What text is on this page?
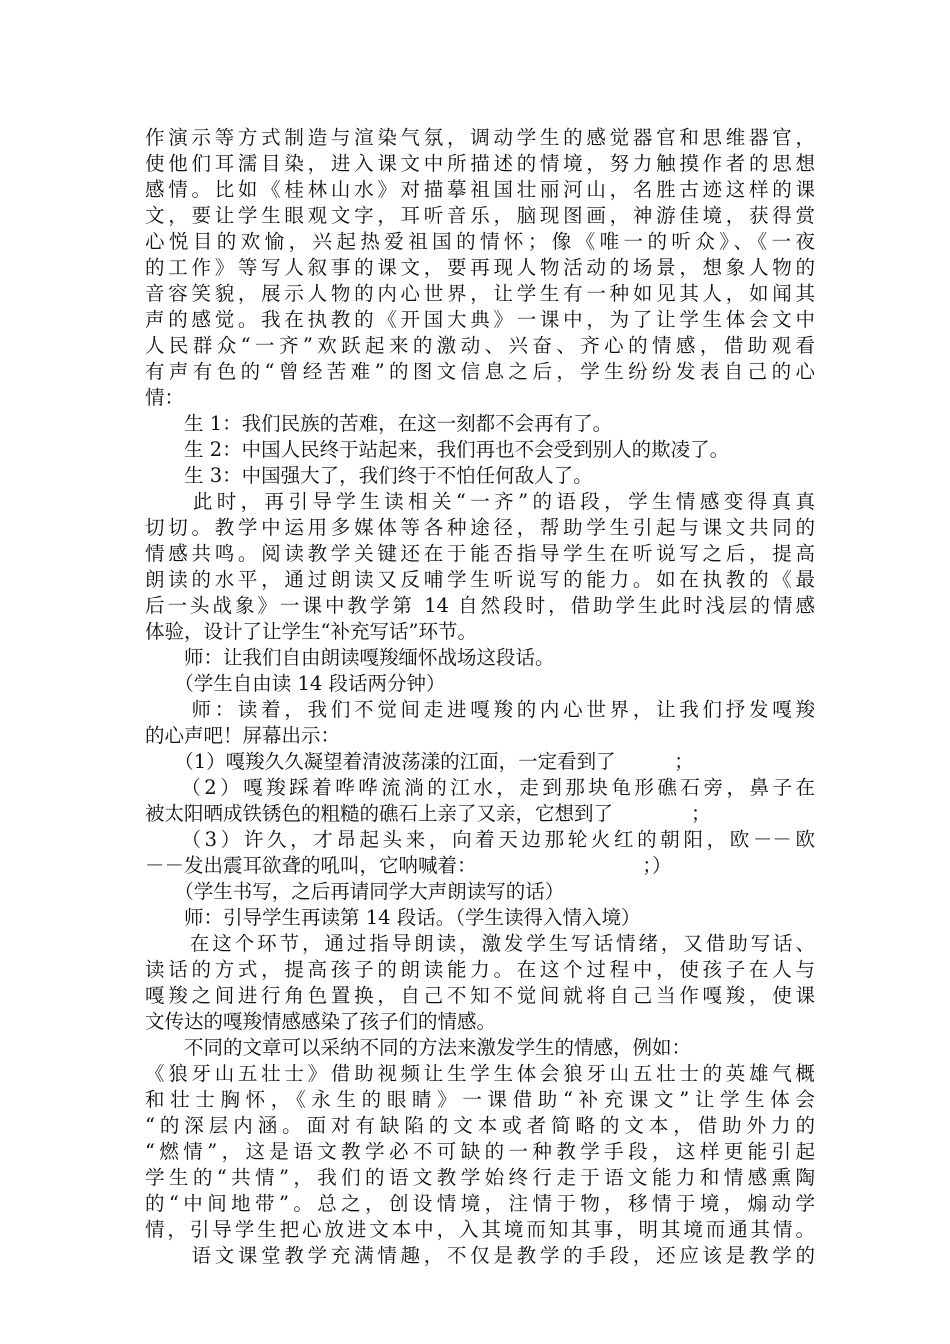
作演示等方式制造与渲染气氛，调动学生的感觉器官和思维器官，
使他们耳濡目染，进入课文中所描述的情境，努力触摸作者的思想
感情。比如《桂林山水》对描摹祖国壮丽河山，名胜古迹这样的课
文，要让学生眼观文字，耳听音乐，脑现图画，神游佳境，获得赏
心悦目的欢愉，兴起热爱祖国的情怀；像《唯一的听众》、《一夜
的工作》等写人叙事的课文，要再现人物活动的场景，想象人物的
音容笑貌，展示人物的内心世界，让学生有一种如见其人，如闻其
声的感觉。我在执教的《开国大典》一课中，为了让学生体会文中
人民群众“一齐”欢跃起来的激动、兴奋、齐心的情感，借助观看
有声有色的“曾经苦难”的图文信息之后，学生纷纷发表自己的心
情：
　　生 1：我们民族的苦难，在这一刻都不会再有了。
　　生 2：中国人民终于站起来，我们再也不会受到别人的欺凌了。
　　生 3：中国强大了，我们终于不怕任何敌人了。
　　此时，再引导学生读相关“一齐”的语段，学生情感变得真真
切切。教学中运用多媒体等各种途径，帮助学生引起与课文共同的
情感共鸣。阅读教学关键还在于能否指导学生在听说写之后，提高
朗读的水平，通过朗读又反哺学生听说写的能力。如在执教的《最
后一头战象》一课中教学第 14 自然段时，借助学生此时浅层的情感
体验，设计了让学生“补充写话”环节。
　　师：让我们自由朗读嘎羧缅怀战场这段话。
　　（学生自由读 14 段话两分钟）
　　师：读着，我们不觉间走进嘎羧的内心世界，让我们抒发嘎羧
的心声吧！屏幕出示：
　　（1）嘎羧久久凝望着清波荡漾的江面，一定看到了　　　；
　　（2）嘎羧踩着哗哗流淌的江水，走到那块龟形礁石旁，鼻子在
被太阳晒成铁锈色的粗糙的礁石上亲了又亲，它想到了　　　　；
　　（3）许久，才昂起头来，向着天边那轮火红的朝阳，欧－－欧
－－发出震耳欲聋的吼叫，它呐喊着：　　　　　　　　　；）
　　（学生书写，之后再请同学大声朗读写的话）
　　师：引导学生再读第 14 段话。（学生读得入情入境）
　　在这个环节，通过指导朗读，激发学生写话情绪，又借助写话、
读话的方式，提高孩子的朗读能力。在这个过程中，使孩子在人与
嘎羧之间进行角色置换，自己不知不觉间就将自己当作嘎羧，使课
文传达的嘎羧情感感染了孩子们的情感。
　　不同的文章可以采纳不同的方法来激发学生的情感，例如：
《狼牙山五壮士》借助视频让生学生体会狼牙山五壮士的英雄气概
和壮士胸怀，《永生的眼睛》一课借助“补充课文”让学生体会
“的深层内涵。面对有缺陷的文本或者简略的文本，借助外力的
“燃情”，这是语文教学必不可缺的一种教学手段，这样更能引起
学生的“共情”，我们的语文教学始终行走于语文能力和情感熏陶
的“中间地带”。总之，创设情境，注情于物，移情于境，煽动学
情，引导学生把心放进文本中，入其境而知其事，明其境而通其情。
　　语文课堂教学充满情趣，不仅是教学的手段，还应该是教学的
